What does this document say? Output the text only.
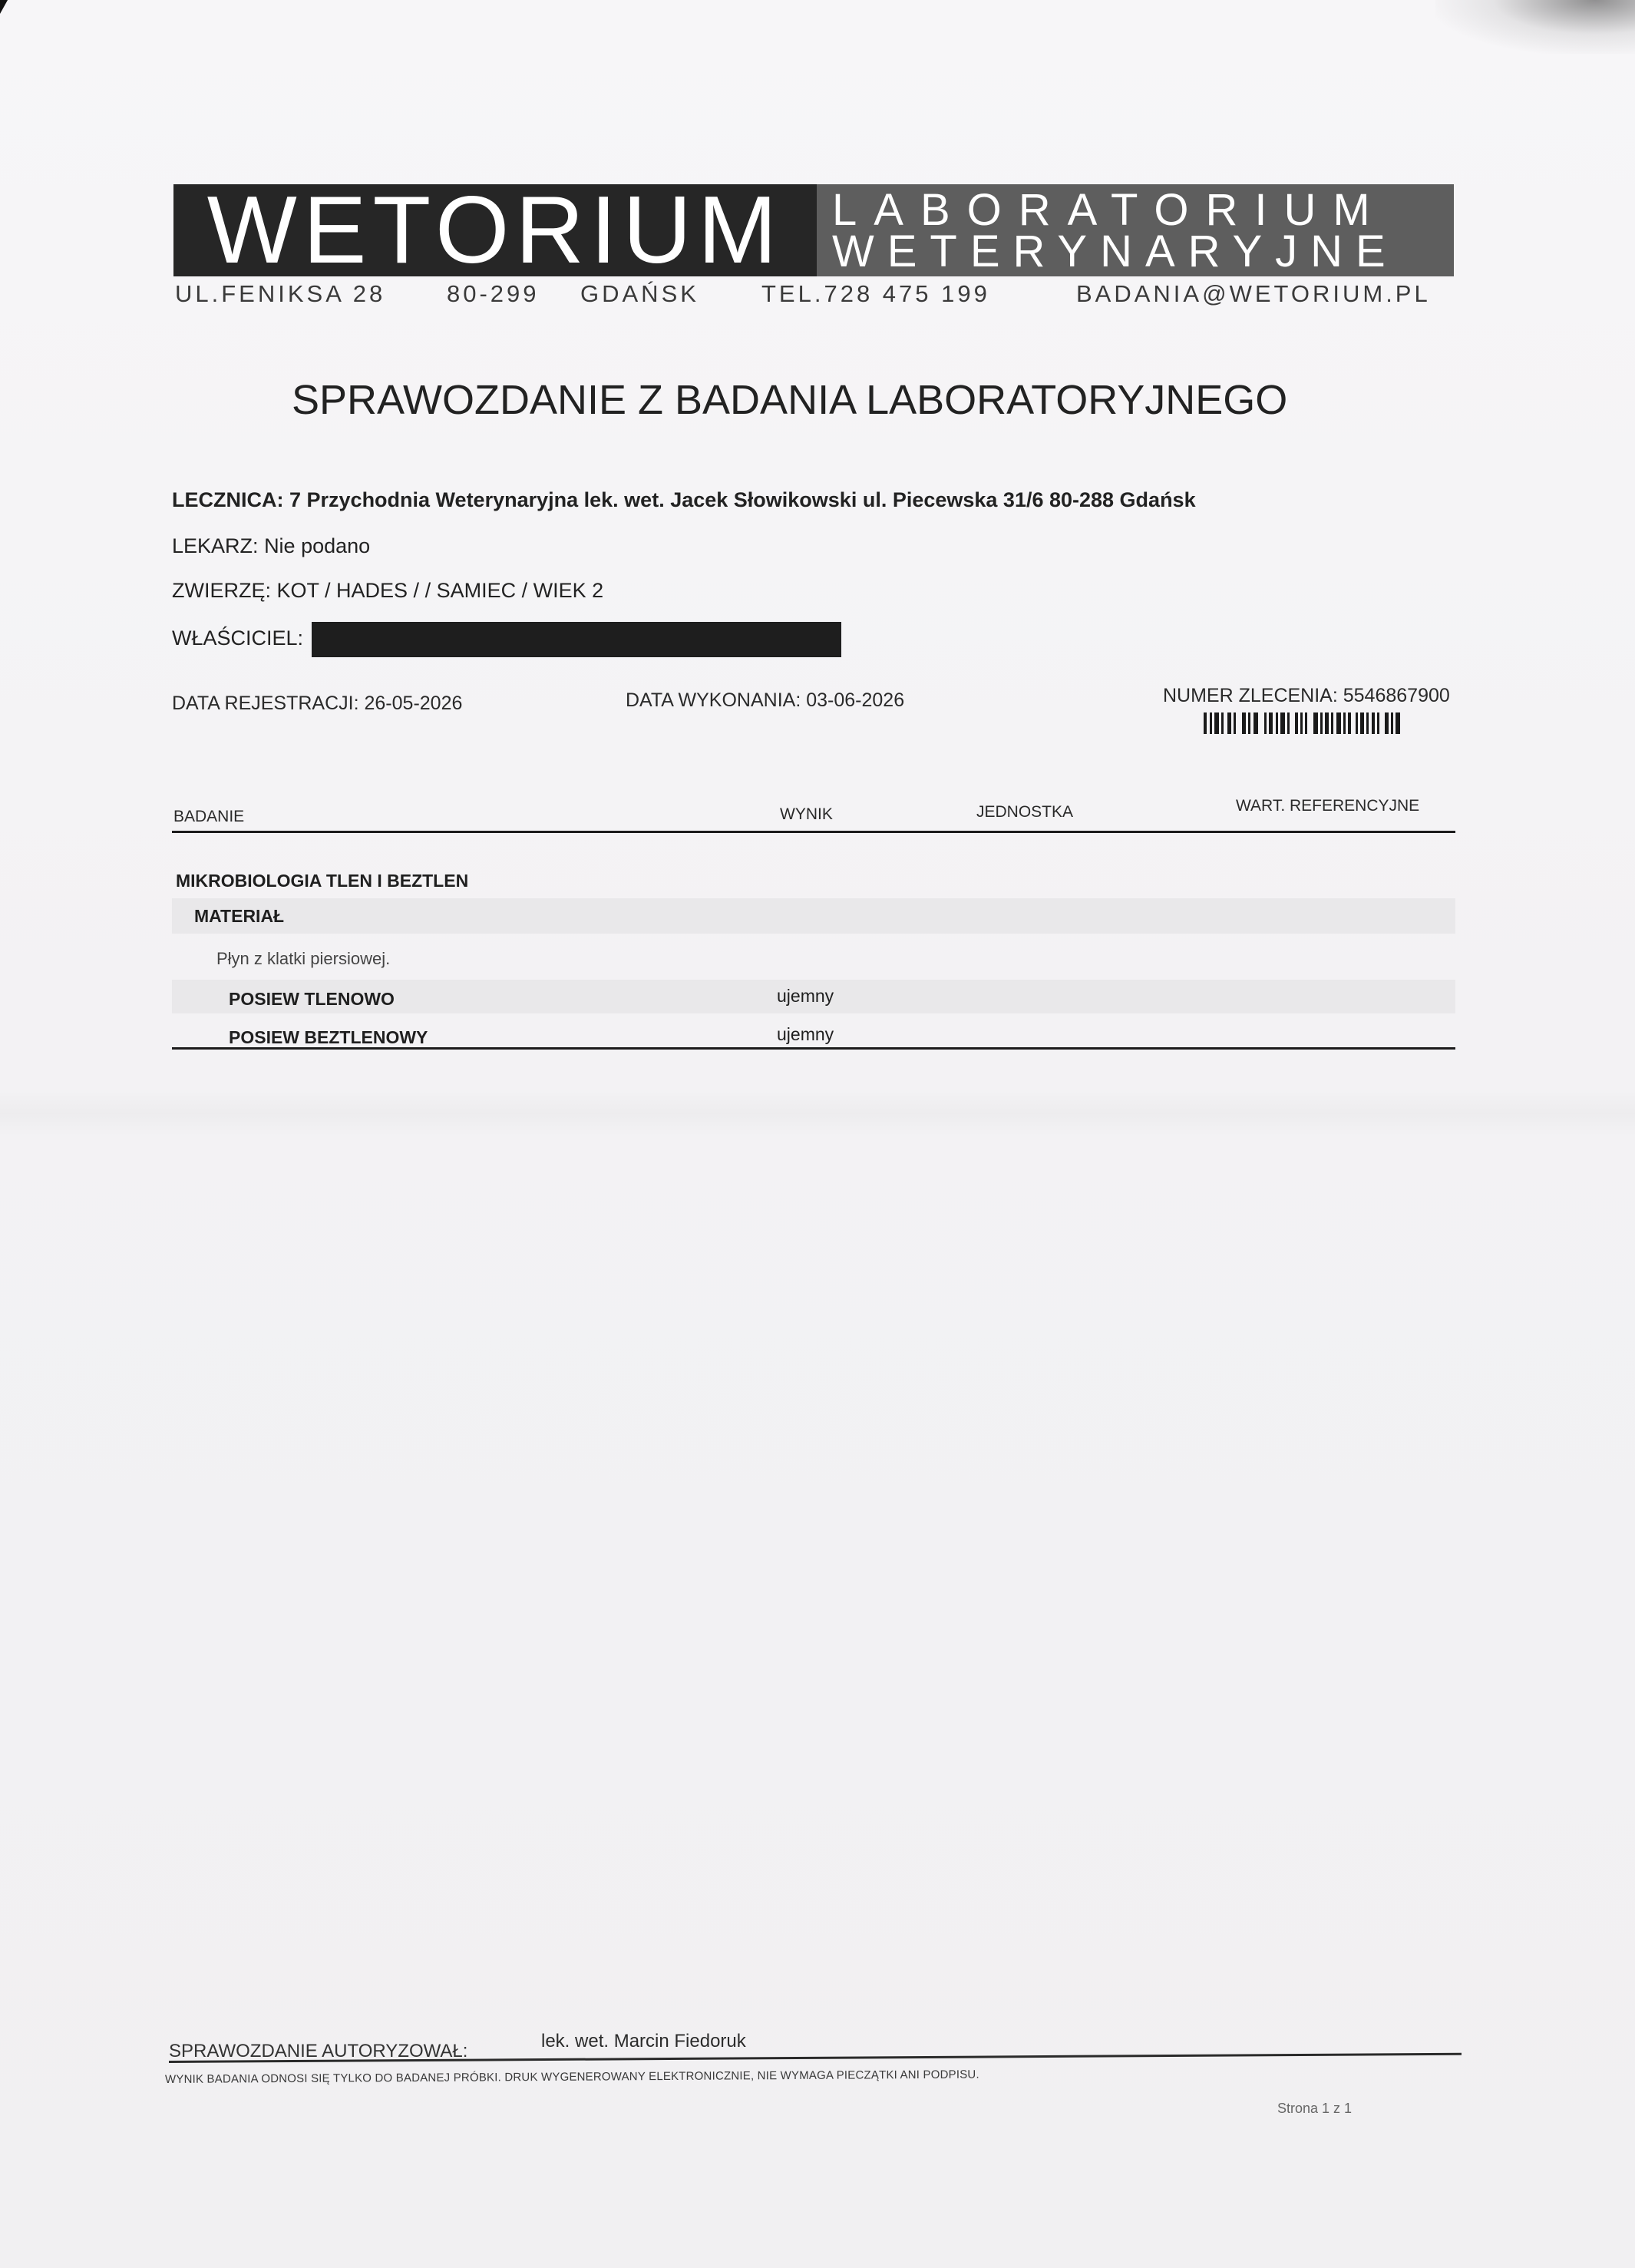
WETORIUM	LABORATORIUM
WETERYNARYJNE
UL.FENIKSA 28	80-299 GDAŃSK	TEL.728 475 199	BADANIA@WETORIUM.PL
SPRAWOZDANIE Z BADANIA LABORATORYJNEGO
LECZNICA: 7 Przychodnia Weterynaryjna lek. wet. Jacek Słowikowski ul. Piecewska 31/6 80-288 Gdańsk
LEKARZ: Nie podano
ZWIERZĘ: KOT / HADES / / SAMIEC / WIEK 2
WŁAŚCICIEL:
DATA REJESTRACJI: 26-05-2026	DATA WYKONANIA: 03-06-2026	NUMER ZLECENIA: 5546867900
BADANIE	WYNIK	JEDNOSTKA	WART. REFERENCYJNE
MIKROBIOLOGIA TLEN I BEZTLEN
MATERIAŁ
Płyn z klatki piersiowej.
POSIEW TLENOWO	ujemny
POSIEW BEZTLENOWY	ujemny
SPRAWOZDANIE AUTORYZOWAŁ:	lek. wet. Marcin Fiedoruk
WYNIK BADANIA ODNOSI SIĘ TYLKO DO BADANEJ PRÓBKI. DRUK WYGENEROWANY ELEKTRONICZNIE, NIE WYMAGA PIECZĄTKI ANI PODPISU.
Strona 1 z 1
